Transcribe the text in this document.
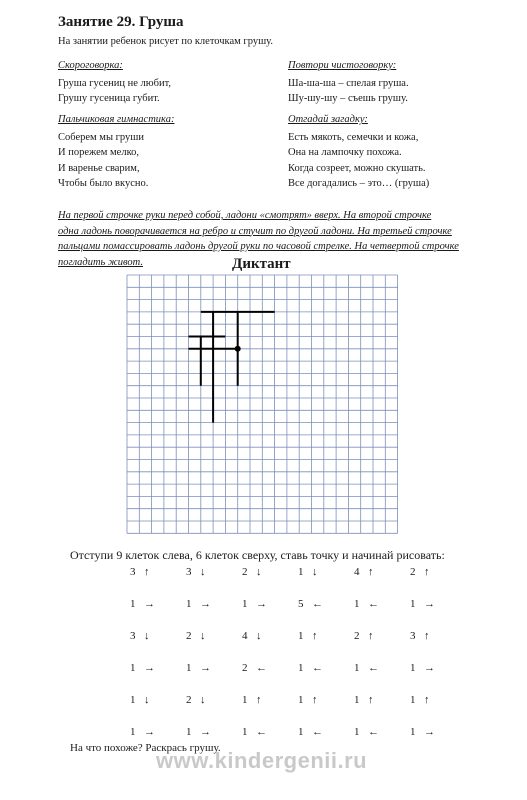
Занятие 29. Груша
На занятии ребенок рисует по клеточкам грушу.
Скороговорка:
Груша гусениц не любит,
Грушу гусеница губит.
Пальчиковая гимнастика:
Соберем мы груши
И порежем мелко,
И варенье сварим,
Чтобы было вкусно.
Повтори чистоговорку:
Ша-ша-ша – спелая груша.
Шу-шу-шу – съешь грушу.
Отгадай загадку:
Есть мякоть, семечки и кожа,
Она на лампочку похожа.
Когда созреет, можно скушать.
Все догадались – это… (груша)
На первой строчке руки перед собой, ладони «смотрят» вверх. На второй строчке
одна ладонь поворачивается на ребро и стучит по другой ладони. На третьей строчке
пальцами помассировать ладонь другой руки по часовой стрелке. На четвертой строчке
погладить живот.	Диктант
Отступи 9 клеток слева, 6 клеток сверху, ставь точку и начинай рисовать:
3 ↑	3 ↓	2 ↓	1 ↓	4 ↑	2 ↑
1 →	1 →	1 →	5 ←	1 ←	1 →
3 ↓	2 ↓	4 ↓	1 ↑	2 ↑	3 ↑
1 →	1 →	2 ←	1 ←	1 ←	1 →
1 ↓	2 ↓	1 ↑	1 ↑	1 ↑	1 ↑
1 →	1 →	1 ←	1 ←	1 ←	1 →
На что похоже? Раскрась грушу.
www.kindergenii.ru
